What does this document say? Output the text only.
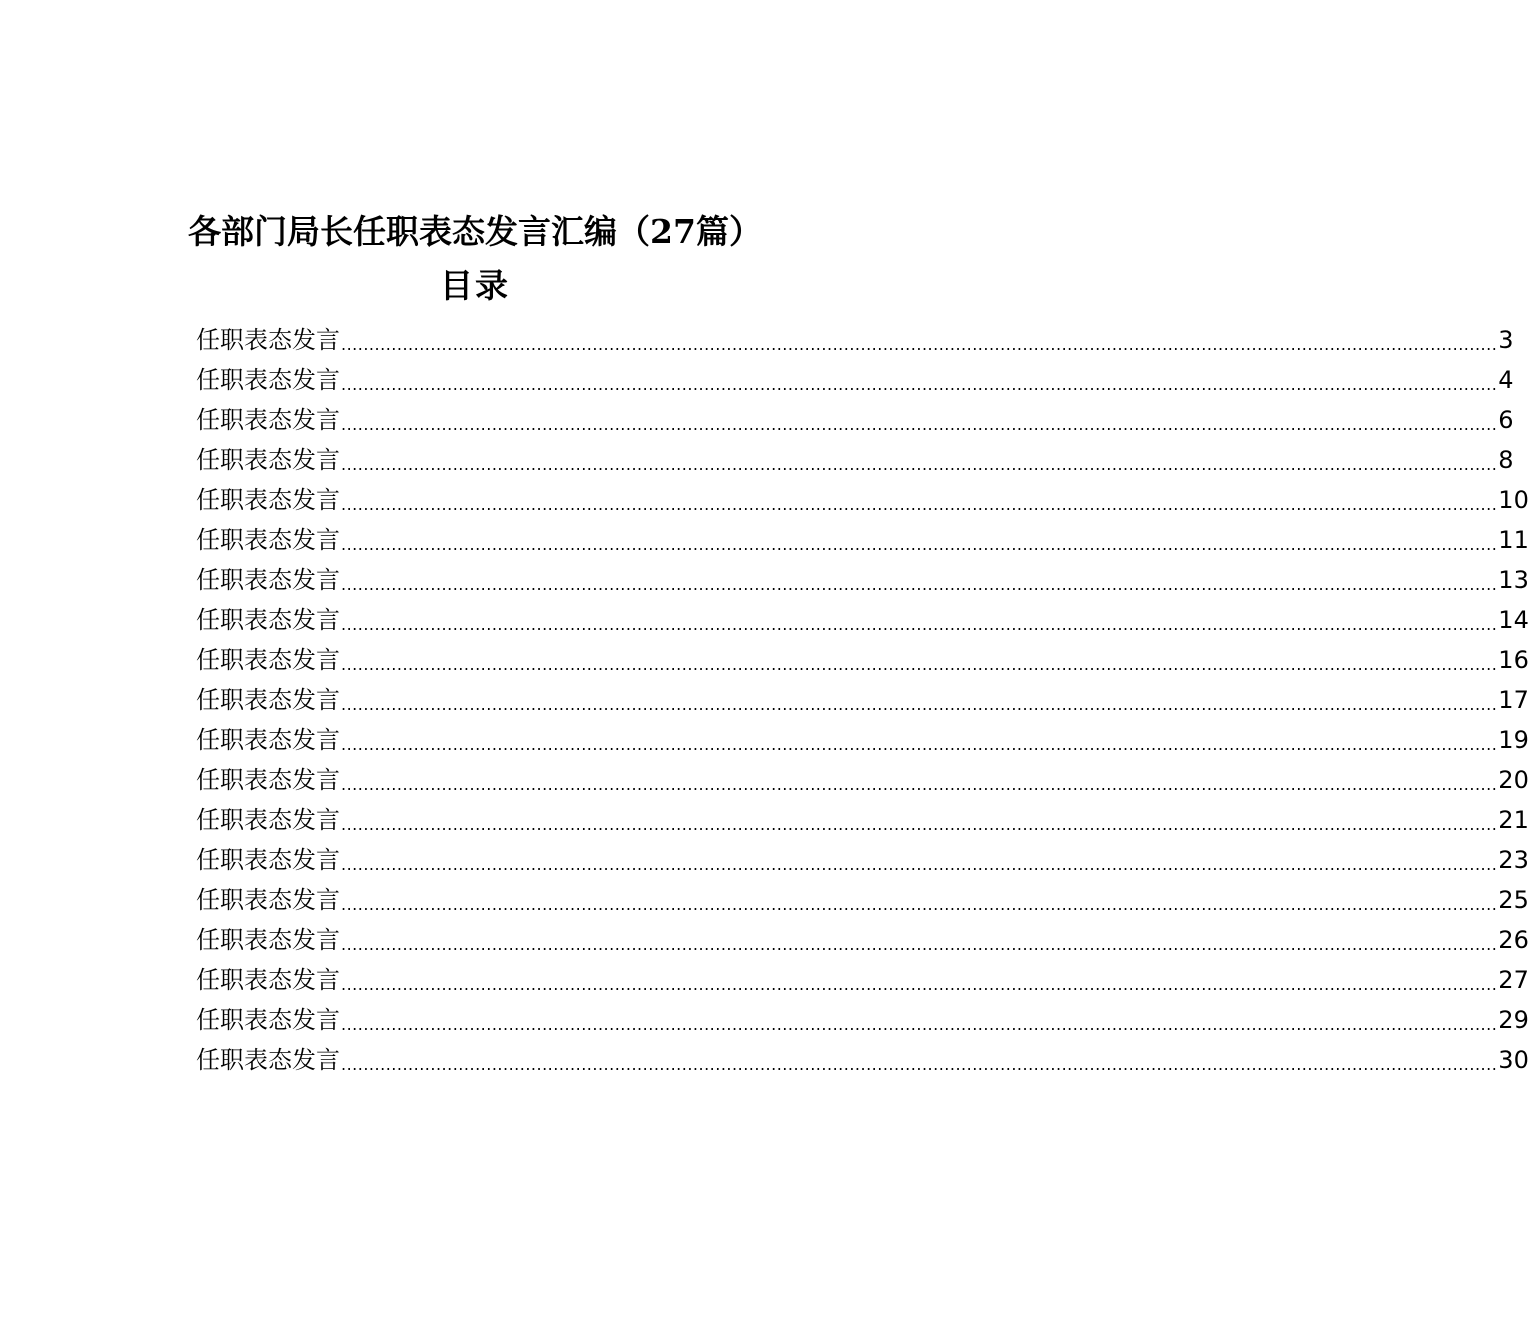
各部门局长任职表态发言汇编（27篇）
目录
任职表态发言 ............................................................................................................................................................................................................... 3
任职表态发言 ............................................................................................................................................................................................................... 4
任职表态发言 ............................................................................................................................................................................................................... 6
任职表态发言 ............................................................................................................................................................................................................... 8
任职表态发言 ............................................................................................................................................................................................................... 10
任职表态发言 ............................................................................................................................................................................................................... 11
任职表态发言 ............................................................................................................................................................................................................... 13
任职表态发言 ............................................................................................................................................................................................................... 14
任职表态发言 ............................................................................................................................................................................................................... 16
任职表态发言 ............................................................................................................................................................................................................... 17
任职表态发言 ............................................................................................................................................................................................................... 19
任职表态发言 ............................................................................................................................................................................................................... 20
任职表态发言 ............................................................................................................................................................................................................... 21
任职表态发言 ............................................................................................................................................................................................................... 23
任职表态发言 ............................................................................................................................................................................................................... 25
任职表态发言 ............................................................................................................................................................................................................... 26
任职表态发言 ............................................................................................................................................................................................................... 27
任职表态发言 ............................................................................................................................................................................................................... 29
任职表态发言 ............................................................................................................................................................................................................... 30
